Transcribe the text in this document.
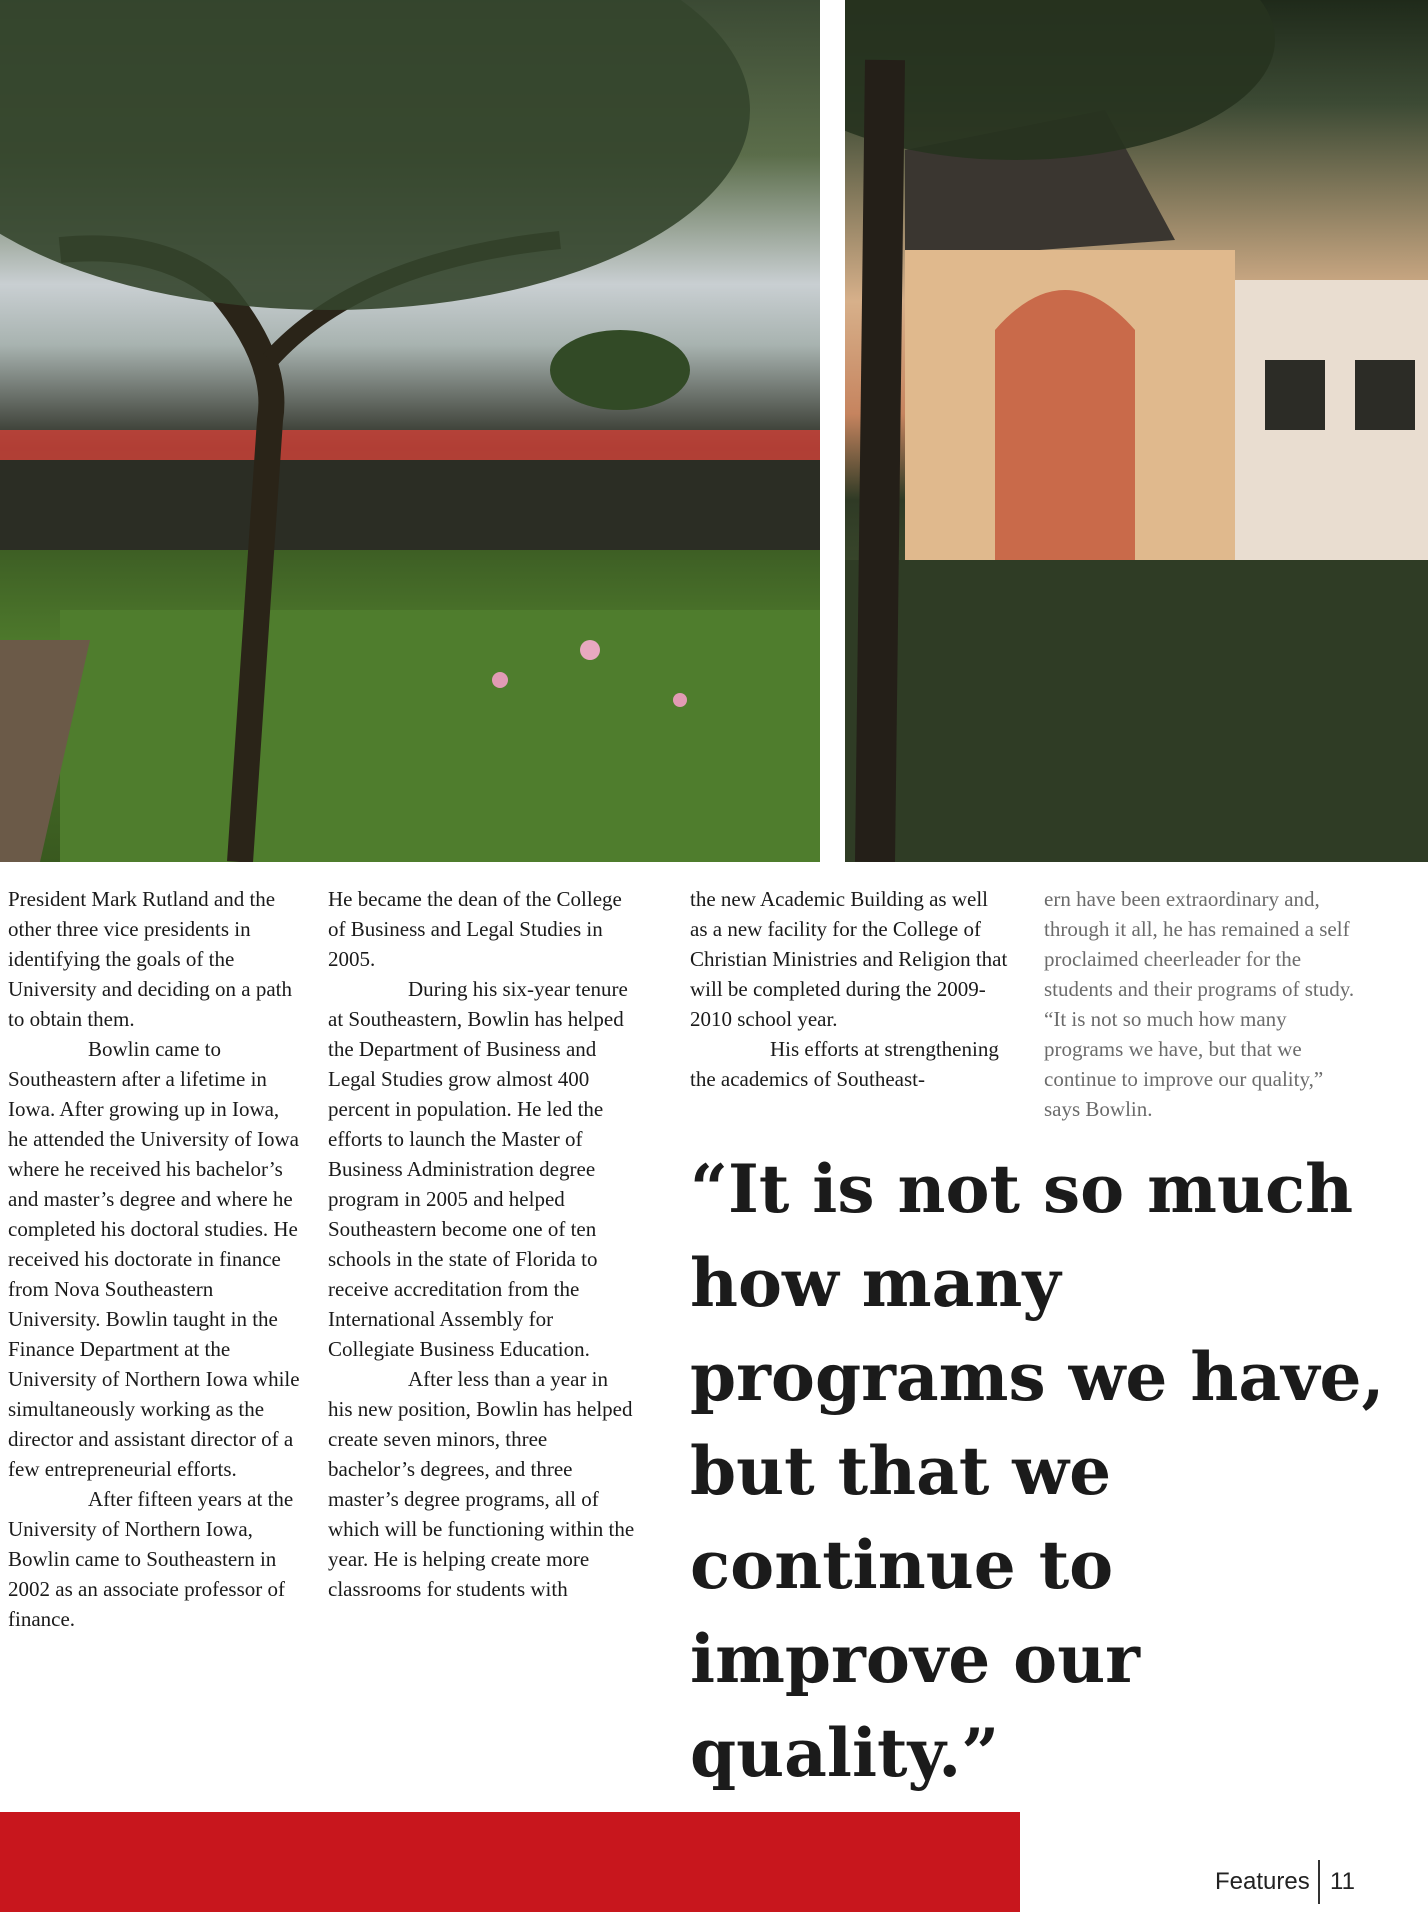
President Mark Rutland and the other three vice presidents in identifying the goals of the University and deciding on a path to obtain them.

Bowlin came to Southeastern after a lifetime in Iowa. After growing up in Iowa, he attended the University of Iowa where he received his bachelor’s and master’s degree and where he completed his doctoral studies. He received his doctorate in finance from Nova Southeastern University. Bowlin taught in the Finance Department at the University of Northern Iowa while simultaneously working as the director and assistant director of a few entrepreneurial efforts.

After fifteen years at the University of Northern Iowa, Bowlin came to Southeastern in 2002 as an associate professor of finance.

He became the dean of the College of Business and Legal Studies in 2005.

During his six-year tenure at Southeastern, Bowlin has helped the Department of Business and Legal Studies grow almost 400 percent in population. He led the efforts to launch the Master of Business Administration degree program in 2005 and helped Southeastern become one of ten schools in the state of Florida to receive accreditation from the International Assembly for Collegiate Business Education.

After less than a year in his new position, Bowlin has helped create seven minors, three bachelor’s degrees, and three master’s degree programs, all of which will be functioning within the year. He is helping create more classrooms for students with

the new Academic Building as well as a new facility for the College of Christian Ministries and Religion that will be completed during the 2009-2010 school year.

His efforts at strengthening the academics of Southeast-

ern have been extraordinary and, through it all, he has remained a self proclaimed cheerleader for the students and their programs of study. “It is not so much how many programs we have, but that we continue to improve our quality,” says Bowlin.

“It is not so much how many programs we have, but that we continue to improve our quality.”

Features 11
